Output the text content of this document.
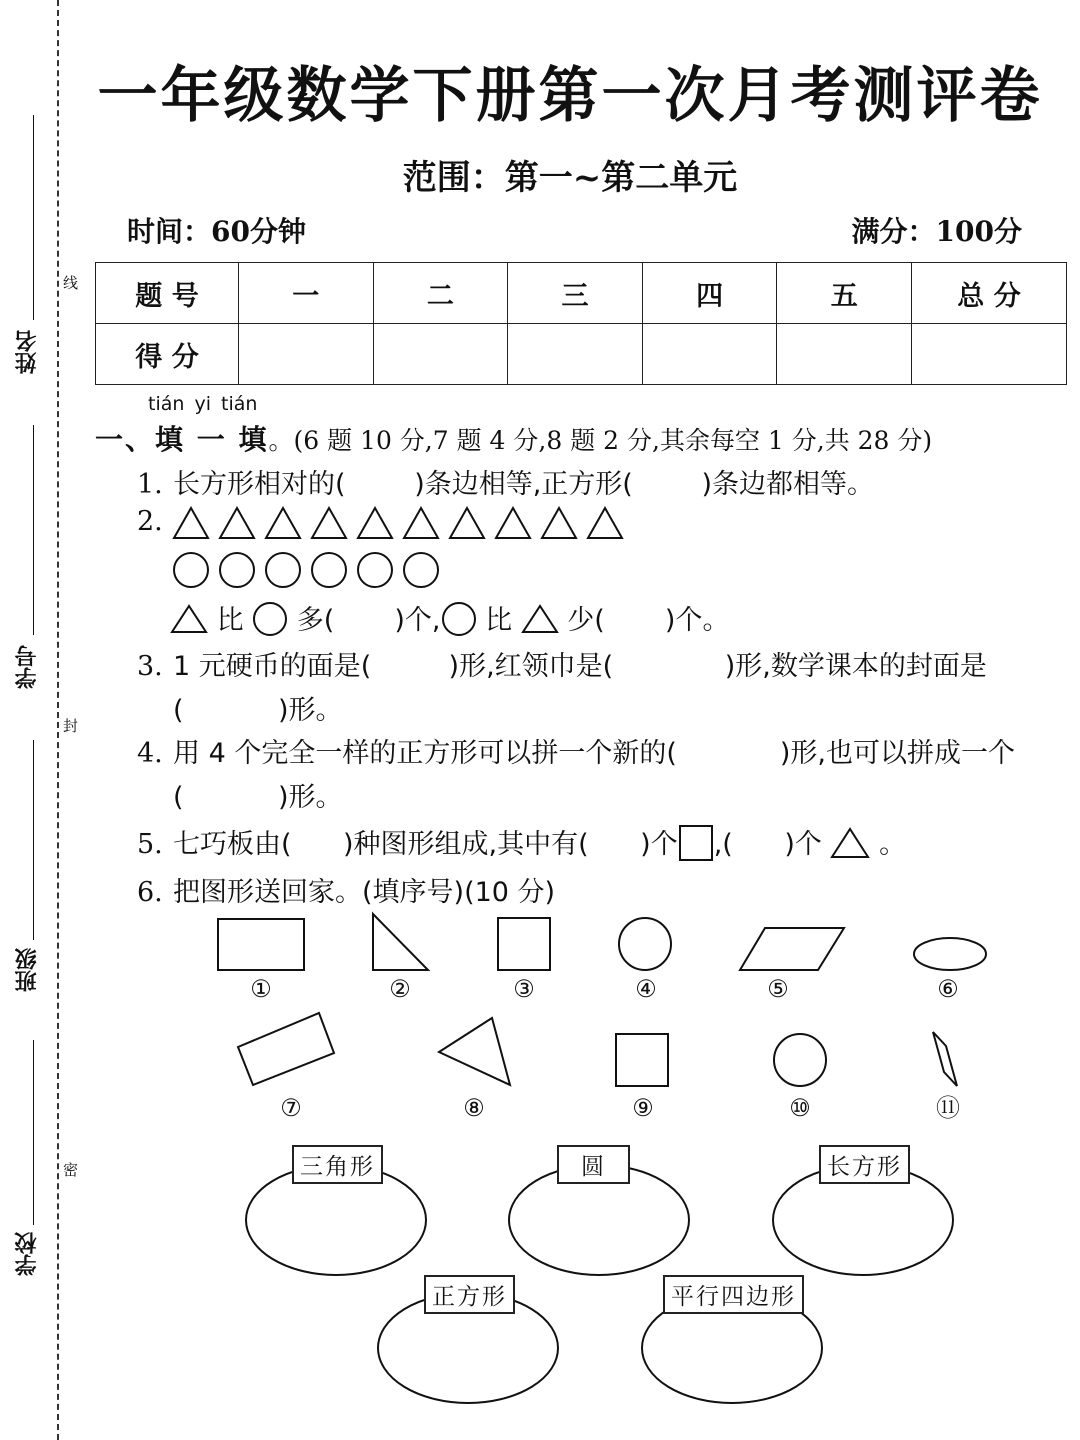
姓名
学号
班级
学校
线
封
密
一年级数学下册第一次月考测评卷
范围：第一~第二单元
时间：60分钟	满分：100分
题 号	一	二	三	四	五	总 分
得 分						
tián yi tián
一、填 一 填。(6 题 10 分,7 题 4 分,8 题 2 分,其余每空 1 分,共 28 分)
1. 长方形相对的(        )条边相等,正方形(        )条边都相等。
2.
比 多(       )个, 比 少(       )个。
3. 1 元硬币的面是(         )形,红领巾是(             )形,数学课本的封面是
(           )形。
4. 用 4 个完全一样的正方形可以拼一个新的(            )形,也可以拼成一个
(           )形。
5. 七巧板由(      )种图形组成,其中有(      )个 ,(      )个 。
6. 把图形送回家。(填序号)(10 分)
①	②	③	④	⑤	⑥
⑦	⑧	⑨	⑩	⑪
三角形	圆	长方形
正方形	平行四边形
